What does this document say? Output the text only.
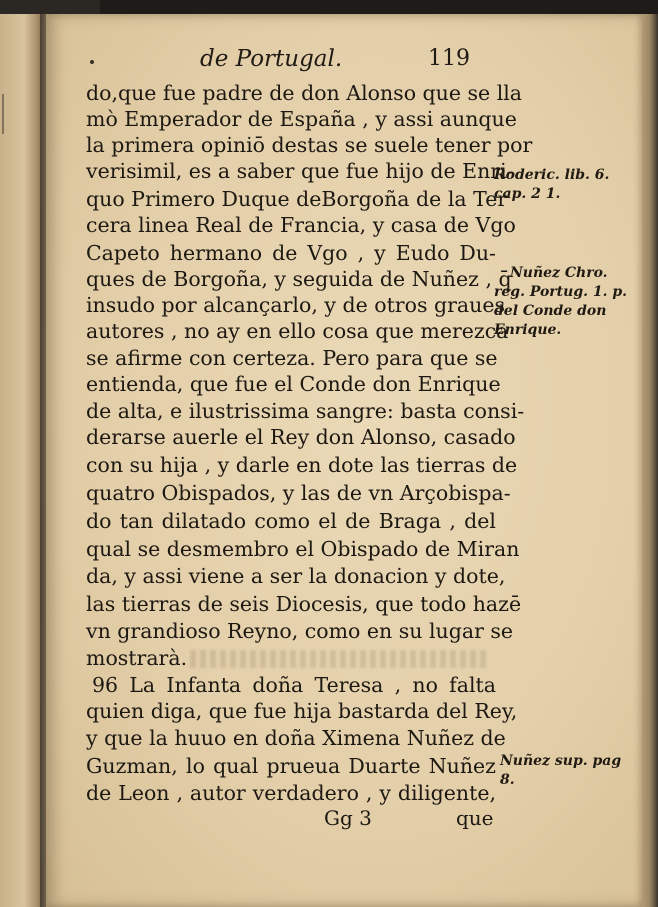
de Portugal.	119
do,que fue padre de don Alonso que se lla
mò Emperador de España , y assi aunque
la primera opiniō destas se suele tener por
verisimil, es a saber que fue hijo de Enri-
quo Primero Duque deBorgoña de la Ter
cera linea Real de Francia, y casa de Vgo
Capeto hermano de Vgo , y Eudo Du-
ques de Borgoña, y seguida de Nuñez , q̄
insudo por alcançarlo, y de otros graues
autores , no ay en ello cosa que merezca
se afirme con certeza. Pero para que se
entienda, que fue el Conde don Enrique
de alta, e ilustrissima sangre: basta consi-
derarse auerle el Rey don Alonso, casado
con su hija , y darle en dote las tierras de
quatro Obispados, y las de vn Arçobispa-
do tan dilatado como el de Braga , del
qual se desmembro el Obispado de Miran
da, y assi viene a ser la donacion y dote,
las tierras de seis Diocesis, que todo hazē
vn grandioso Reyno, como en su lugar se
mostrarà.
96 La Infanta doña Teresa , no falta
quien diga, que fue hija bastarda del Rey,
y que la huuo en doña Ximena Nuñez de
Guzman, lo qual prueua Duarte Nuñez
de Leon , autor verdadero , y diligente,
Roderic. lib. 6.
cap. 2 1.
Nuñez Chro.
reg. Portug. 1. p.
del Conde don
Enrique.
Nuñez sup. pag
8.
Gg 3	que
